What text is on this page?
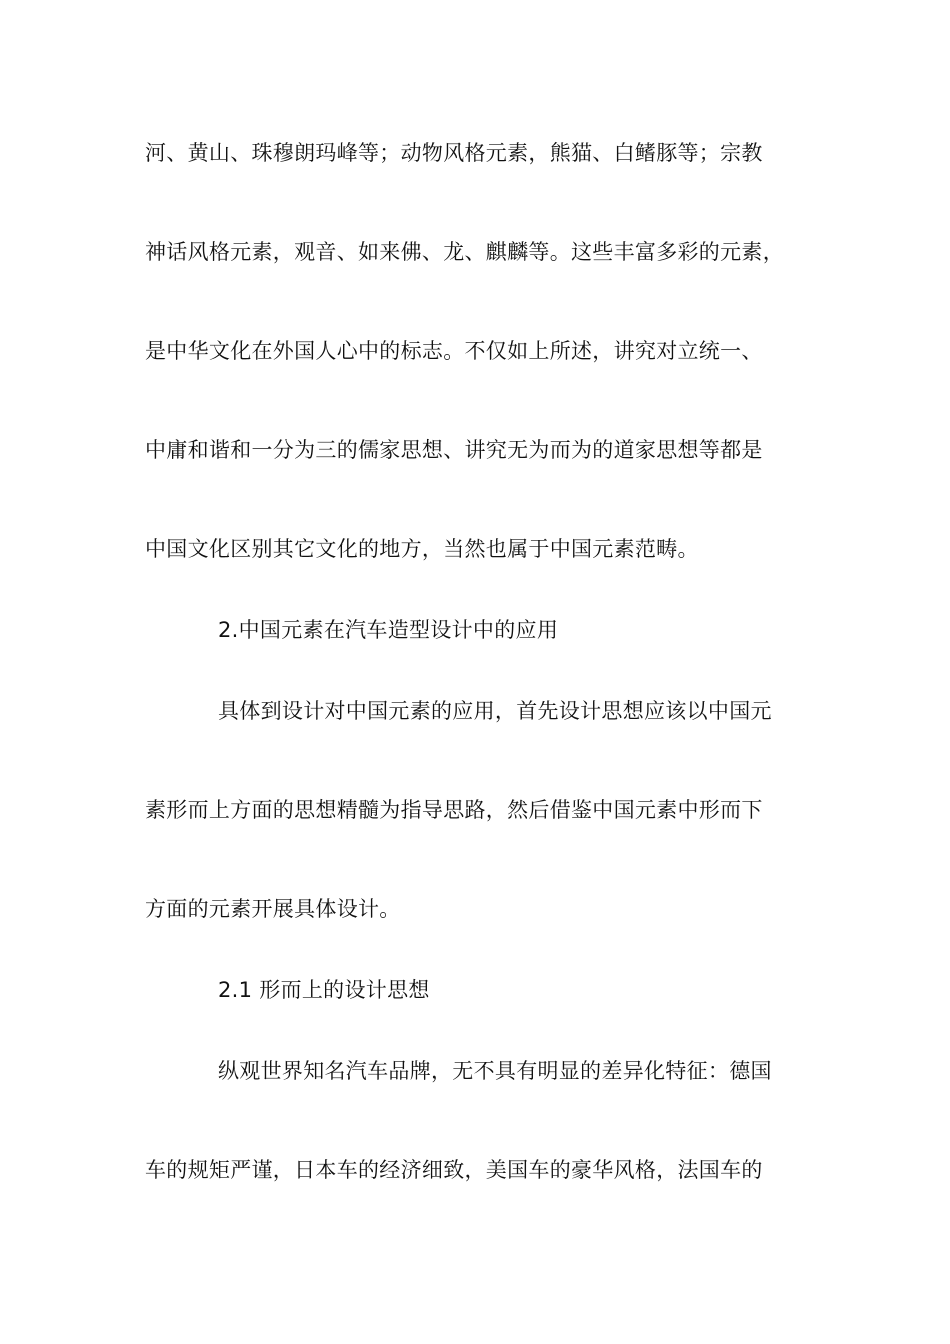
河、黄山、珠穆朗玛峰等；动物风格元素，熊猫、白鳍豚等；宗教
神话风格元素，观音、如来佛、龙、麒麟等。这些丰富多彩的元素，
是中华文化在外国人心中的标志。不仅如上所述，讲究对立统一、
中庸和谐和一分为三的儒家思想、讲究无为而为的道家思想等都是
中国文化区别其它文化的地方，当然也属于中国元素范畴。
2.中国元素在汽车造型设计中的应用
具体到设计对中国元素的应用，首先设计思想应该以中国元
素形而上方面的思想精髓为指导思路，然后借鉴中国元素中形而下
方面的元素开展具体设计。
2.1 形而上的设计思想
纵观世界知名汽车品牌，无不具有明显的差异化特征：德国
车的规矩严谨，日本车的经济细致，美国车的豪华风格，法国车的
